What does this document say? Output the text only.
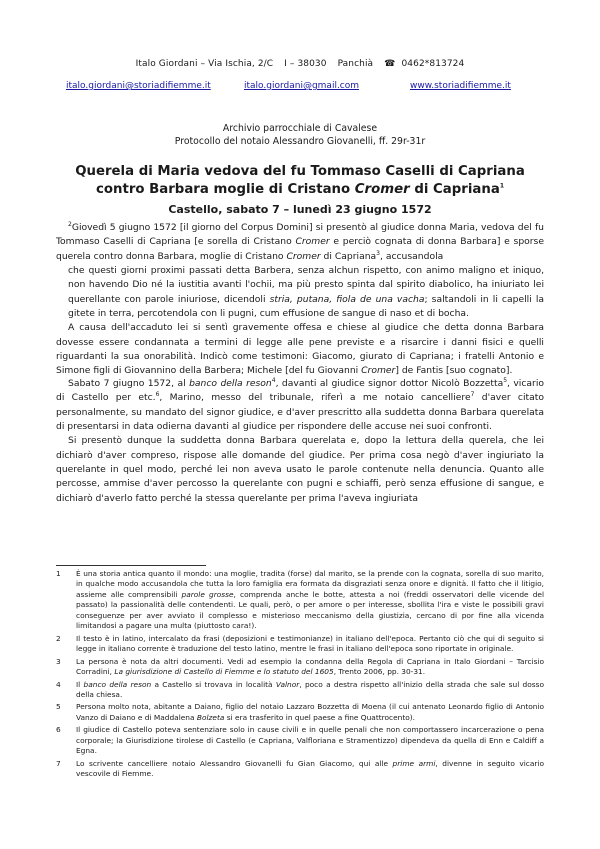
Italo Giordani – Via Ischia, 2/C I – 38030 Panchià ☎ 0462*813724
italo.giordani@storiadifiemme.it	italo.giordani@gmail.com	www.storiadifiemme.it
Archivio parrocchiale di Cavalese
Protocollo del notaio Alessandro Giovanelli, ff. 29r-31r
Querela di Maria vedova del fu Tommaso Caselli di Capriana
contro Barbara moglie di Cristano Cromer di Capriana$^1$
Castello, sabato 7 – lunedì 23 giugno 1572

$^2$Giovedì 5 giugno 1572 [il giorno del Corpus Domini] si presentò al giudice donna Maria, vedova del fu Tommaso Caselli di Capriana [e sorella di Cristano Cromer e perciò cognata di donna Barbara] e sporse querela contro donna Barbara, moglie di Cristano Cromer di Capriana$^3$, accusandola

che questi giorni proximi passati detta Barbera, senza alchun rispetto, con animo maligno et iniquo, non havendo Dio né la iustitia avanti l'ochii, ma più presto spinta dal spirito diabolico, ha iniuriato lei querellante con parole iniuriose, dicendoli stria, putana, fiola de una vacha; saltandoli in li capelli la gitete in terra, percotendola con li pugni, cum effusione de sangue di naso et di bocha.

A causa dell'accaduto lei si sentì gravemente offesa e chiese al giudice che detta donna Barbara dovesse essere condannata a termini di legge alle pene previste e a risarcire i danni fisici e quelli riguardanti la sua onorabilità. Indicò come testimoni: Giacomo, giurato di Capriana; i fratelli Antonio e Simone figli di Giovannino della Barbera; Michele [del fu Giovanni Cromer] de Fantis [suo cognato].

Sabato 7 giugno 1572, al banco della reson$^4$, davanti al giudice signor dottor Nicolò Bozzetta$^5$, vicario di Castello per etc.$^6$, Marino, messo del tribunale, riferì a me notaio cancelliere$^7$ d'aver citato personalmente, su mandato del signor giudice, e d'aver prescritto alla suddetta donna Barbara querelata di presentarsi in data odierna davanti al giudice per rispondere delle accuse nei suoi confronti.

Si presentò dunque la suddetta donna Barbara querelata e, dopo la lettura della querela, che lei dichiarò d'aver compreso, rispose alle domande del giudice. Per prima cosa negò d'aver ingiuriato la querelante in quel modo, perché lei non aveva usato le parole contenute nella denuncia. Quanto alle percosse, ammise d'aver percosso la querelante con pugni e schiaffi, però senza effusione di sangue, e dichiarò d'averlo fatto perché la stessa querelante per prima l'aveva ingiuriata

1	È una storia antica quanto il mondo: una moglie, tradita (forse) dal marito, se la prende con la cognata, sorella di suo marito, in qualche modo accusandola che tutta la loro famiglia era formata da disgraziati senza onore e dignità. Il fatto che il litigio, assieme alle comprensibili parole grosse, comprenda anche le botte, attesta a noi (freddi osservatori delle vicende del passato) la passionalità delle contendenti. Le quali, però, o per amore o per interesse, sbollita l'ira e viste le possibili gravi conseguenze per aver avviato il complesso e misterioso meccanismo della giustizia, cercano di por fine alla vicenda limitandosi a pagare una multa (piuttosto cara!).
2	Il testo è in latino, intercalato da frasi (deposizioni e testimonianze) in italiano dell'epoca. Pertanto ciò che qui di seguito si legge in italiano corrente è traduzione del testo latino, mentre le frasi in italiano dell'epoca sono riportate in originale.
3	La persona è nota da altri documenti. Vedi ad esempio la condanna della Regola di Capriana in Italo Giordani – Tarcisio Corradini, La giurisdizione di Castello di Fiemme e lo statuto del 1605, Trento 2006, pp. 30-31.
4	Il banco della reson a Castello si trovava in località Valnor, poco a destra rispetto all'inizio della strada che sale sul dosso della chiesa.
5	Persona molto nota, abitante a Daiano, figlio del notaio Lazzaro Bozzetta di Moena (il cui antenato Leonardo figlio di Antonio Vanzo di Daiano e di Maddalena Bolzeta si era trasferito in quel paese a fine Quattrocento).
6	Il giudice di Castello poteva sentenziare solo in cause civili e in quelle penali che non comportassero incarcerazione o pena corporale; la Giurisdizione tirolese di Castello (e Capriana, Valfloriana e Stramentizzo) dipendeva da quella di Enn e Caldiff a Egna.
7	Lo scrivente cancelliere notaio Alessandro Giovanelli fu Gian Giacomo, qui alle prime armi, divenne in seguito vicario vescovile di Fiemme.
